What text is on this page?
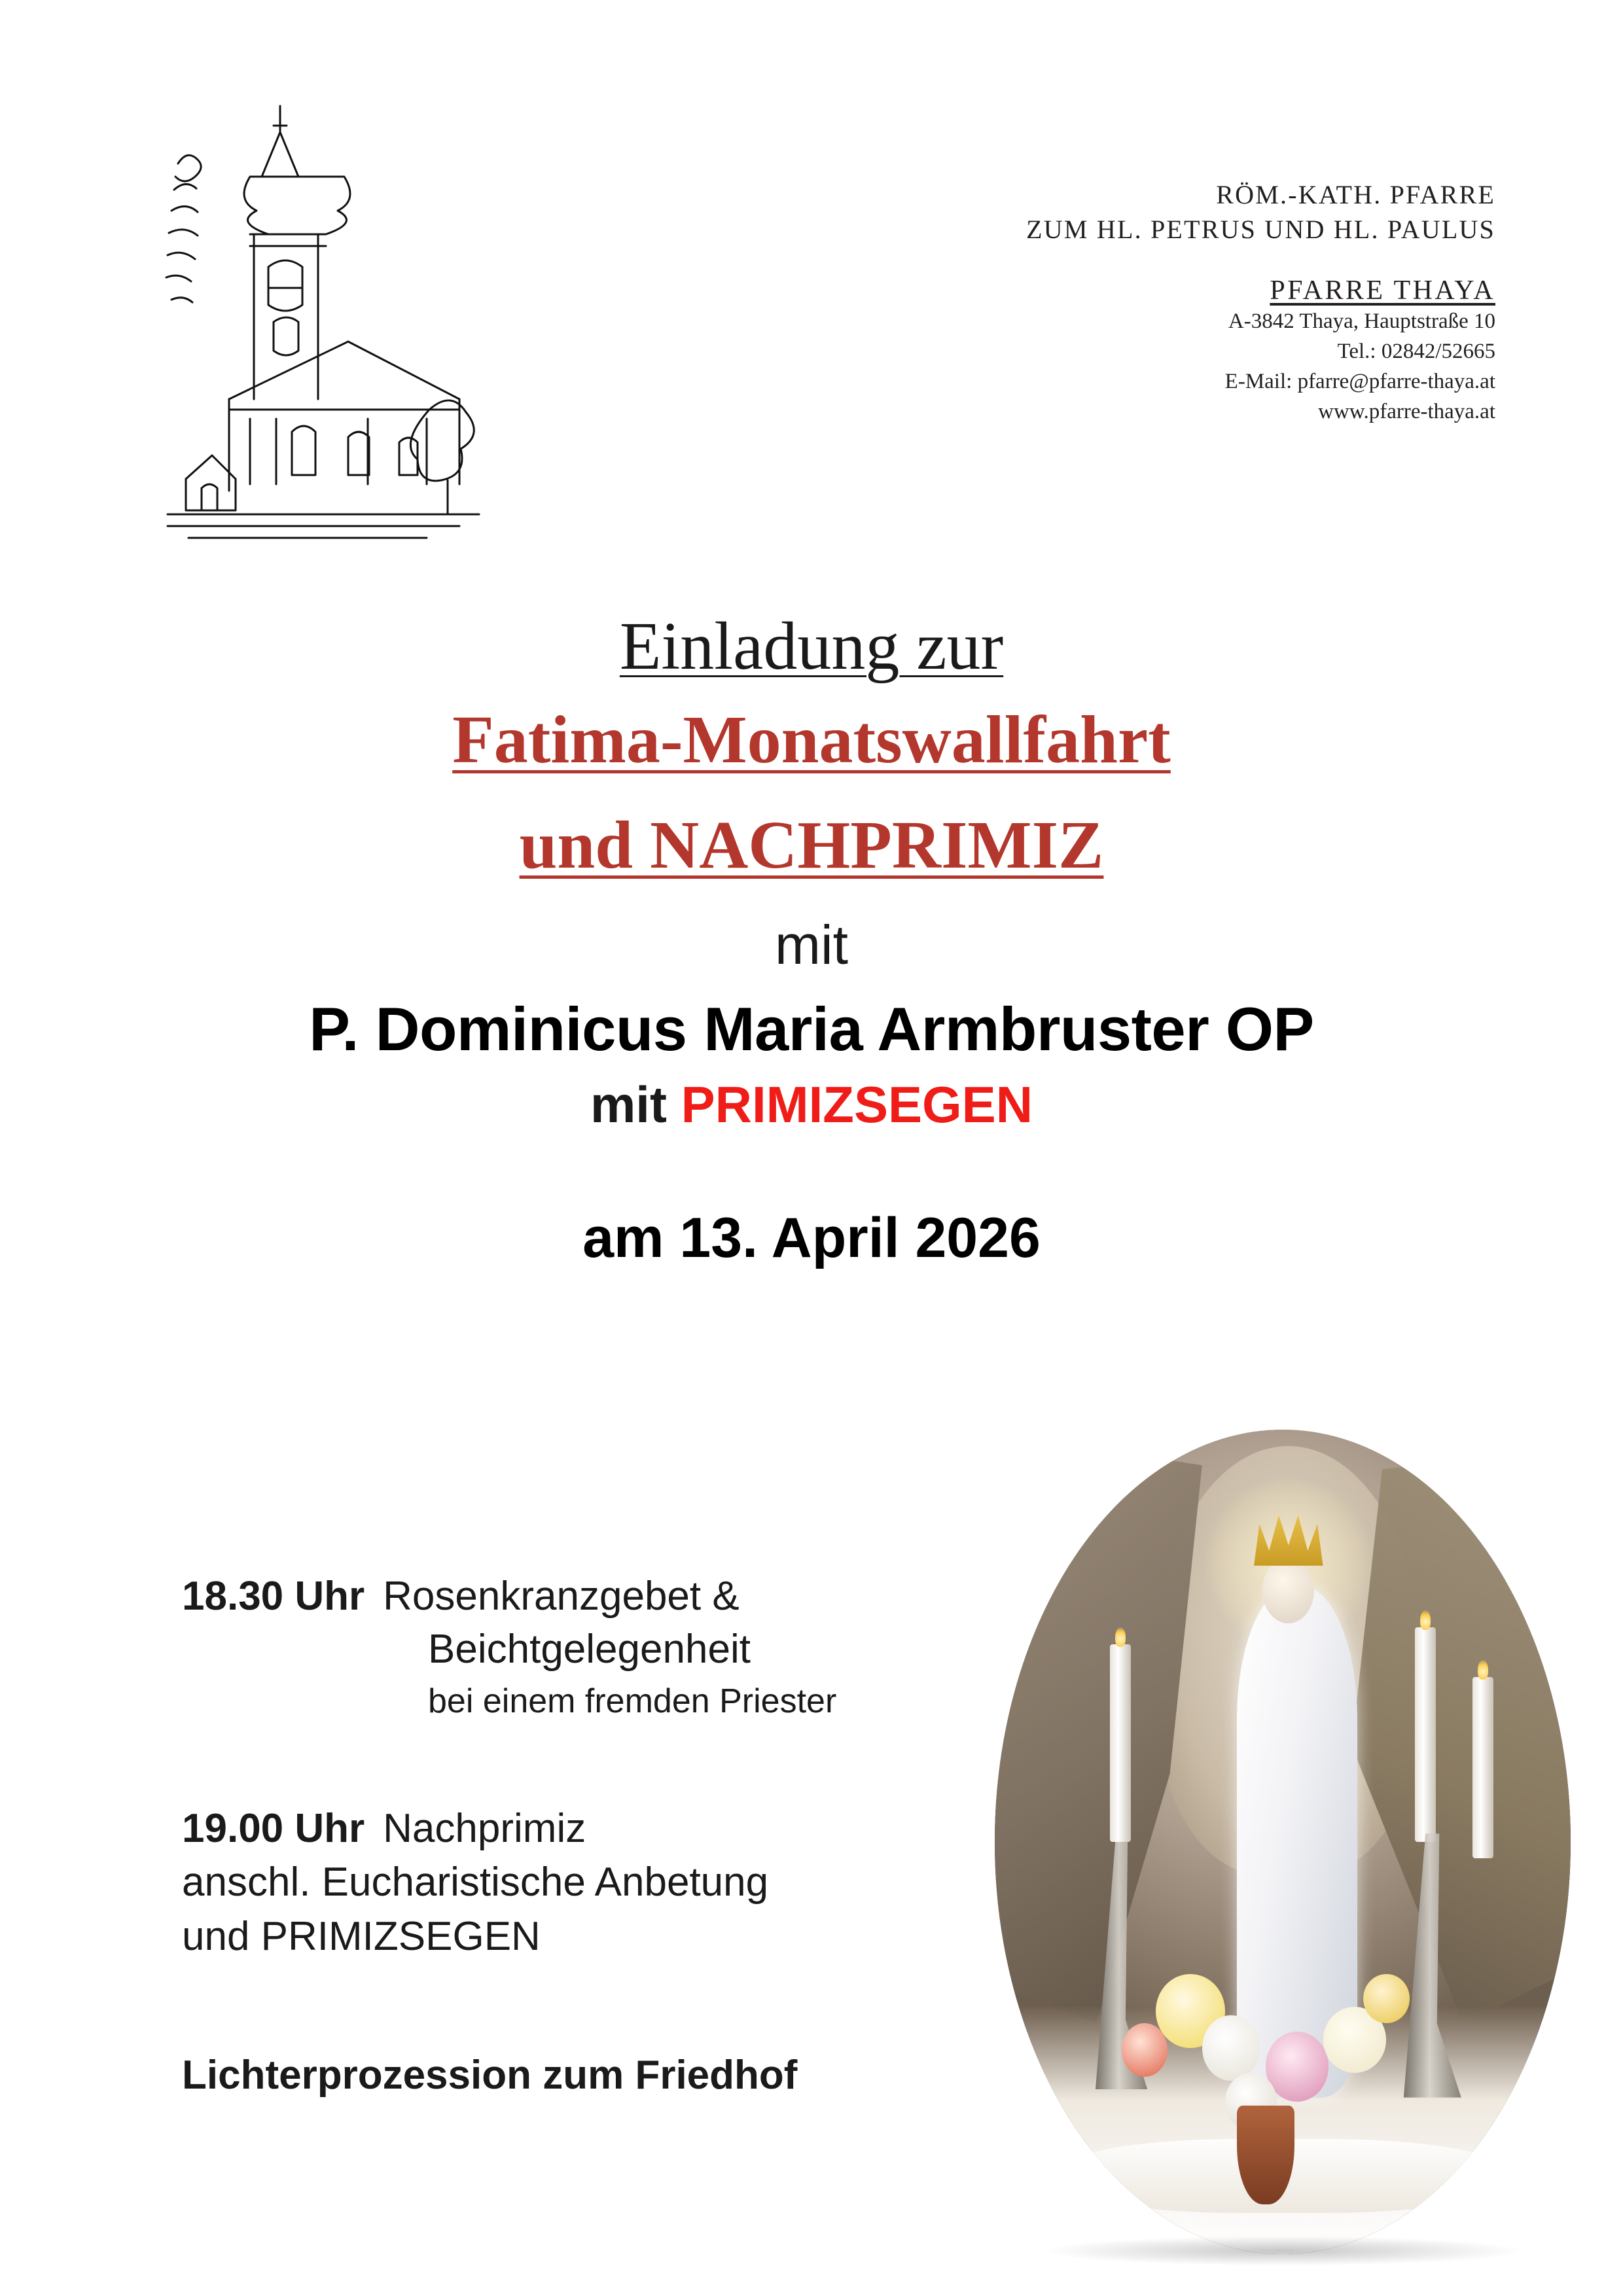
RÖM.-KATH. PFARRE
ZUM HL. PETRUS UND HL. PAULUS
PFARRE THAYA
A-3842 Thaya, Hauptstraße 10
Tel.: 02842/52665
E-Mail: pfarre@pfarre-thaya.at
www.pfarre-thaya.at
Einladung zur
Fatima-Monatswallfahrt
und NACHPRIMIZ
mit
P. Dominicus Maria Armbruster OP
mit PRIMIZSEGEN
am 13. April 2026
18.30 Uhr Rosenkranzgebet &
Beichtgelegenheit
bei einem fremden Priester
19.00 Uhr Nachprimiz
anschl. Eucharistische Anbetung
und PRIMIZSEGEN
Lichterprozession zum Friedhof
